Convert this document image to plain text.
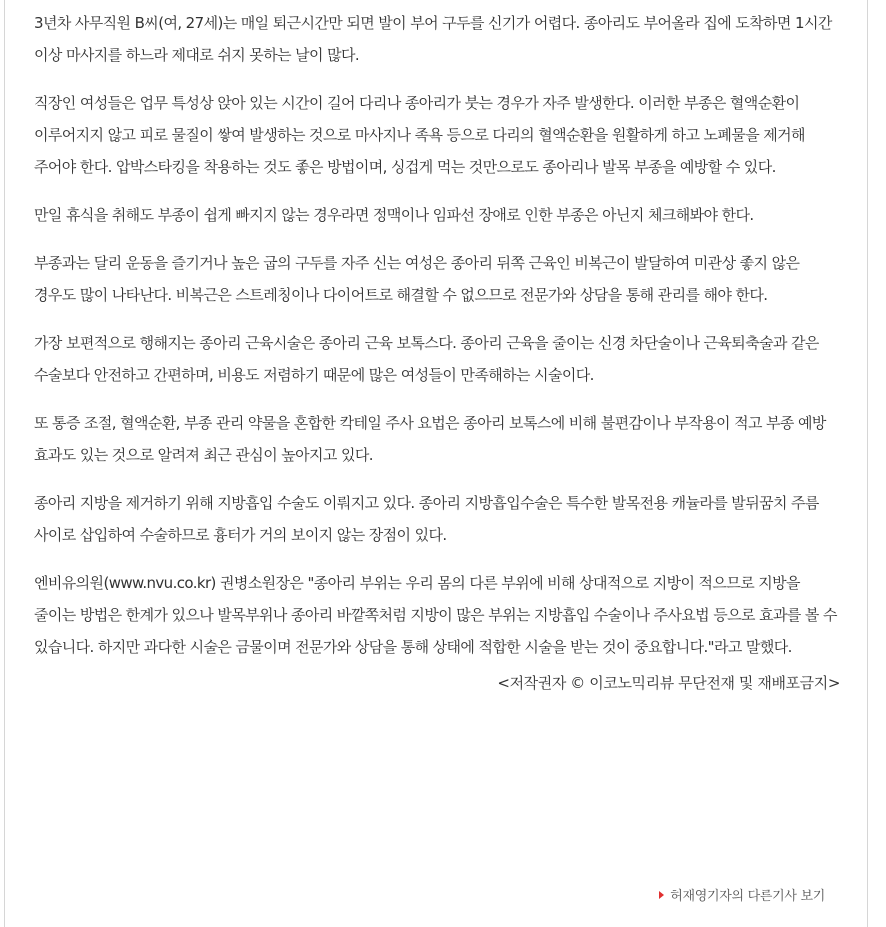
3년차 사무직원 B씨(여, 27세)는 매일 퇴근시간만 되면 발이 부어 구두를 신기가 어렵다. 종아리도 부어올라 집에 도착하면 1시간 이상 마사지를 하느라 제대로 쉬지 못하는 날이 많다.

직장인 여성들은 업무 특성상 앉아 있는 시간이 길어 다리나 종아리가 붓는 경우가 자주 발생한다. 이러한 부종은 혈액순환이 이루어지지 않고 피로 물질이 쌓여 발생하는 것으로 마사지나 족욕 등으로 다리의 혈액순환을 원활하게 하고 노폐물을 제거해 주어야 한다. 압박스타킹을 착용하는 것도 좋은 방법이며, 싱겁게 먹는 것만으로도 종아리나 발목 부종을 예방할 수 있다.

만일 휴식을 취해도 부종이 쉽게 빠지지 않는 경우라면 정맥이나 임파선 장애로 인한 부종은 아닌지 체크해봐야 한다.

부종과는 달리 운동을 즐기거나 높은 굽의 구두를 자주 신는 여성은 종아리 뒤쪽 근육인 비복근이 발달하여 미관상 좋지 않은 경우도 많이 나타난다. 비복근은 스트레칭이나 다이어트로 해결할 수 없으므로 전문가와 상담을 통해 관리를 해야 한다.

가장 보편적으로 행해지는 종아리 근육시술은 종아리 근육 보톡스다. 종아리 근육을 줄이는 신경 차단술이나 근육퇴축술과 같은 수술보다 안전하고 간편하며, 비용도 저렴하기 때문에 많은 여성들이 만족해하는 시술이다.

또 통증 조절, 혈액순환, 부종 관리 약물을 혼합한 칵테일 주사 요법은 종아리 보톡스에 비해 불편감이나 부작용이 적고 부종 예방 효과도 있는 것으로 알려져 최근 관심이 높아지고 있다.

종아리 지방을 제거하기 위해 지방흡입 수술도 이뤄지고 있다. 종아리 지방흡입수술은 특수한 발목전용 캐뉼라를 발뒤꿈치 주름 사이로 삽입하여 수술하므로 흉터가 거의 보이지 않는 장점이 있다.

엔비유의원(www.nvu.co.kr) 권병소원장은 "종아리 부위는 우리 몸의 다른 부위에 비해 상대적으로 지방이 적으므로 지방을 줄이는 방법은 한계가 있으나 발목부위나 종아리 바깥쪽처럼 지방이 많은 부위는 지방흡입 수술이나 주사요법 등으로 효과를 볼 수 있습니다. 하지만 과다한 시술은 금물이며 전문가와 상담을 통해 상태에 적합한 시술을 받는 것이 중요합니다."라고 말했다.

<저작권자 © 이코노믹리뷰 무단전재 및 재배포금지>
허재영기자의 다른기사 보기
